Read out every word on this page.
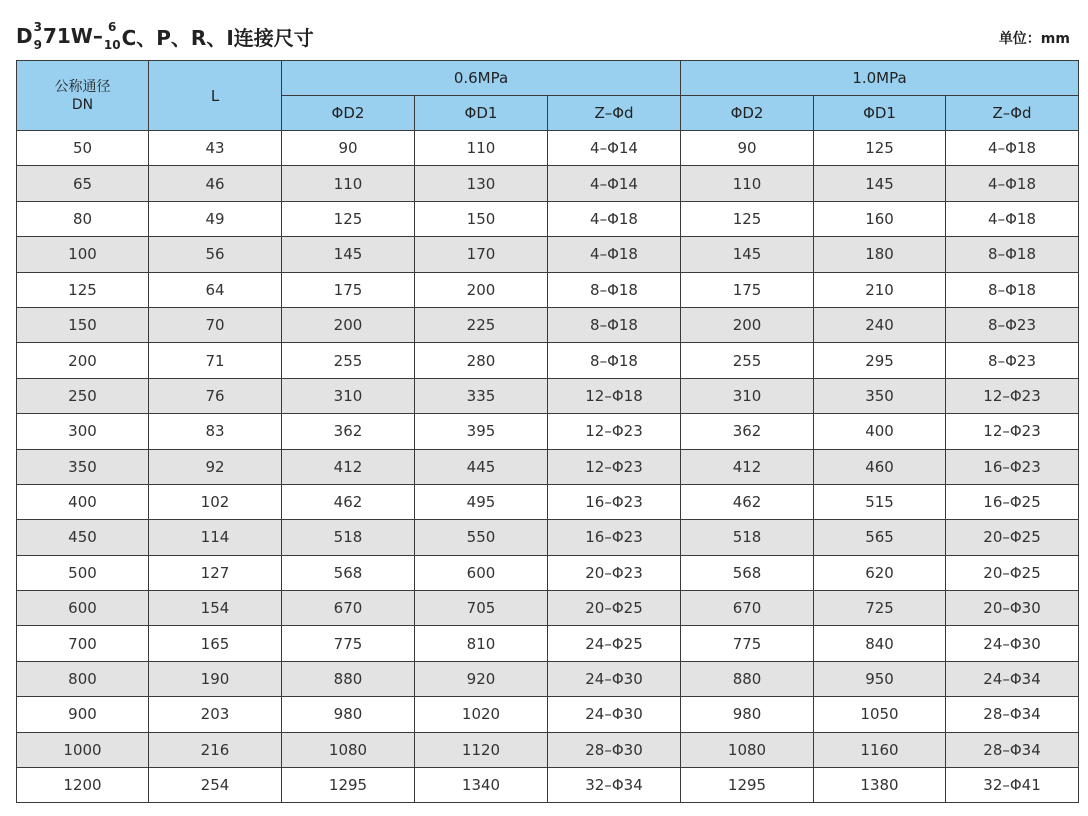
D 3
9 71W– 6
10 C、P、R、I连接尺寸	单位：mm
公称通径
DN	L	0.6MPa			1.0MPa		
		ΦD2	ΦD1	Z–Φd	ΦD2	ΦD1	Z–Φd
50	43	90	110	4–Φ14	90	125	4–Φ18
65	46	110	130	4–Φ14	110	145	4–Φ18
80	49	125	150	4–Φ18	125	160	4–Φ18
100	56	145	170	4–Φ18	145	180	8–Φ18
125	64	175	200	8–Φ18	175	210	8–Φ18
150	70	200	225	8–Φ18	200	240	8–Φ23
200	71	255	280	8–Φ18	255	295	8–Φ23
250	76	310	335	12–Φ18	310	350	12–Φ23
300	83	362	395	12–Φ23	362	400	12–Φ23
350	92	412	445	12–Φ23	412	460	16–Φ23
400	102	462	495	16–Φ23	462	515	16–Φ25
450	114	518	550	16–Φ23	518	565	20–Φ25
500	127	568	600	20–Φ23	568	620	20–Φ25
600	154	670	705	20–Φ25	670	725	20–Φ30
700	165	775	810	24–Φ25	775	840	24–Φ30
800	190	880	920	24–Φ30	880	950	24–Φ34
900	203	980	1020	24–Φ30	980	1050	28–Φ34
1000	216	1080	1120	28–Φ30	1080	1160	28–Φ34
1200	254	1295	1340	32–Φ34	1295	1380	32–Φ41
